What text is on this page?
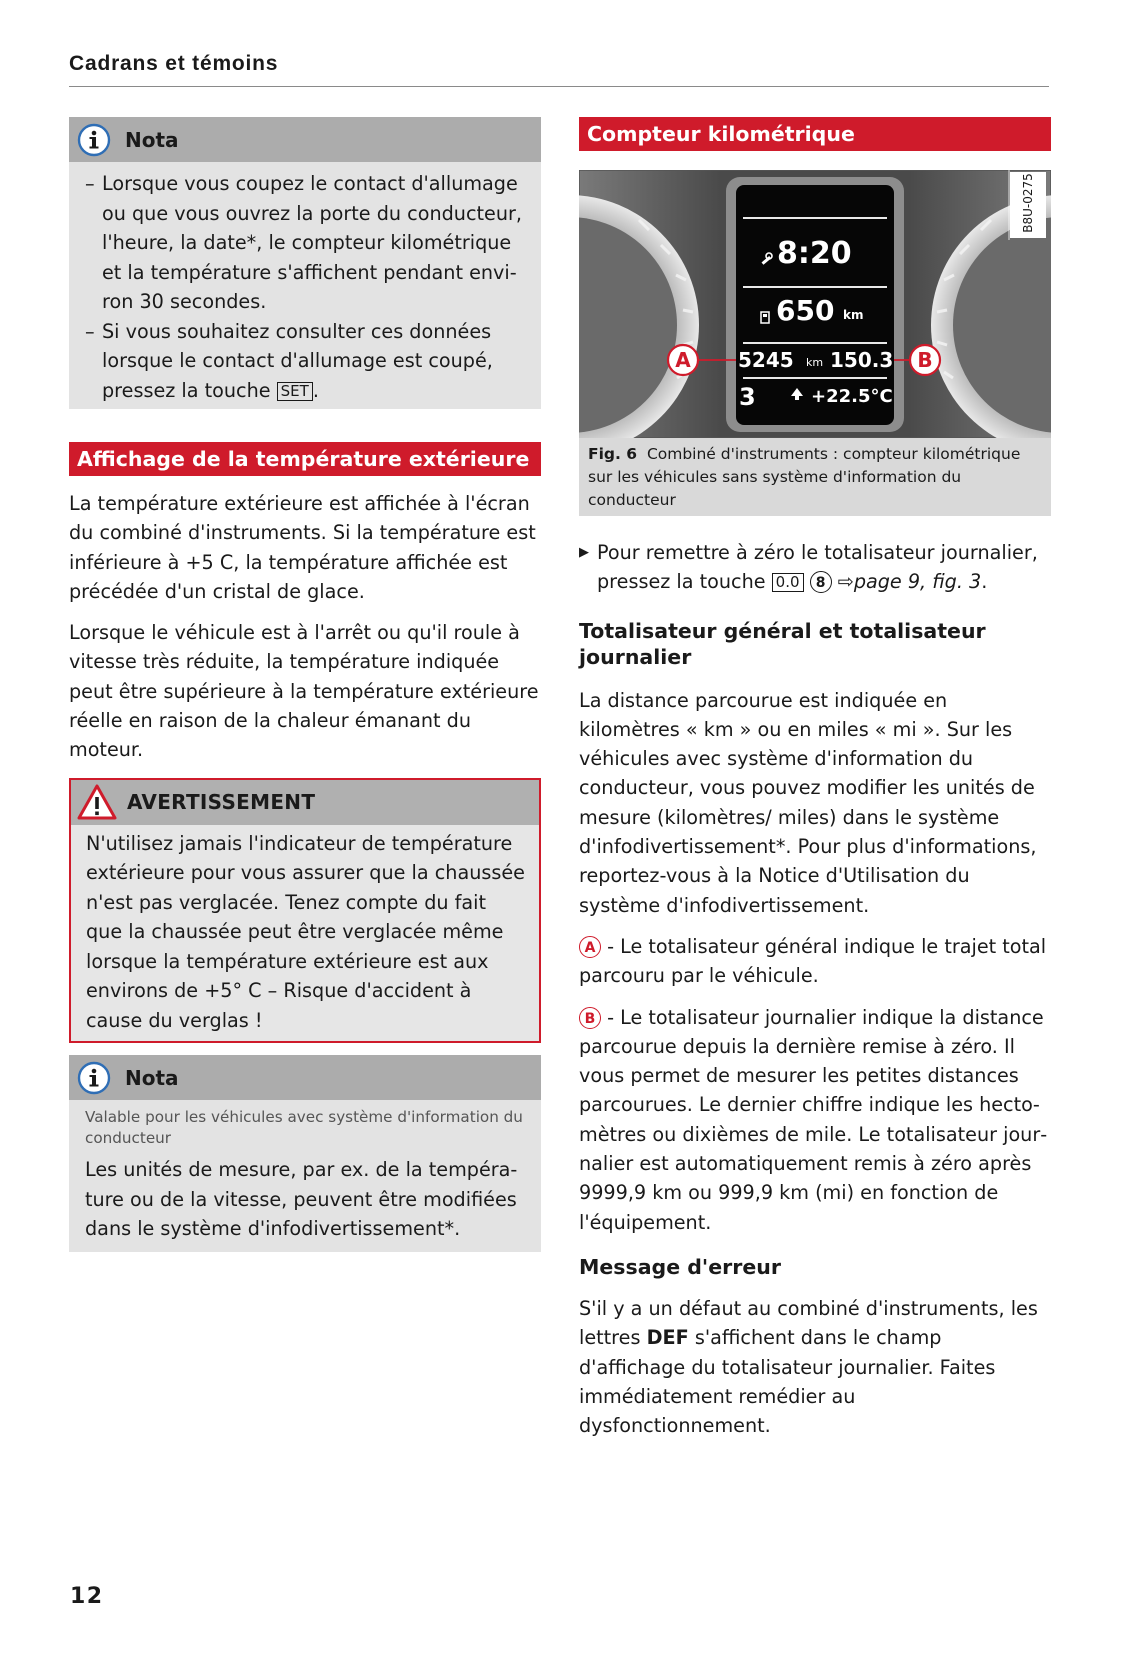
Cadrans et témoins
Nota
– Lorsque vous coupez le contact d'allumage ou que vous ouvrez la porte du conducteur, l'heure, la date*, le compteur kilométrique et la température s'affichent pendant environ 30 secondes.
– Si vous souhaitez consulter ces données lorsque le contact d'allumage est coupé, pressez la touche SET .
Affichage de la température extérieure

La température extérieure est affichée à l'écran du combiné d'instruments. Si la température est inférieure à +5 C, la température affichée est précédée d'un cristal de glace.

Lorsque le véhicule est à l'arrêt ou qu'il roule à vitesse très réduite, la température indiquée peut être supérieure à la température extérieure réelle en raison de la chaleur émanant du moteur.

AVERTISSEMENT
N'utilisez jamais l'indicateur de température extérieure pour vous assurer que la chaussée n'est pas verglacée. Tenez compte du fait que la chaussée peut être verglacée même lorsque la température extérieure est aux environs de +5° C – Risque d'accident à cause du verglas !
Nota
Valable pour les véhicules avec système d'information du conducteur
Les unités de mesure, par ex. de la température ou de la vitesse, peuvent être modifiées dans le système d'infodivertissement*.
Compteur kilométrique
8:20
650 km
5245 km 150.3
3	+22.5°C
A	B
B8U-0275
Fig. 6 Combiné d'instruments : compteur kilométrique sur les véhicules sans système d'information du conducteur

▶ Pour remettre à zéro le totalisateur journalier, pressez la touche 0.0 8 ⇨page 9, fig. 3.

Totalisateur général et totalisateur journalier

La distance parcourue est indiquée en kilomètres « km » ou en miles « mi ». Sur les véhicules avec système d'information du conducteur, vous pouvez modifier les unités de mesure (kilomètres/ miles) dans le système d'infodivertissement*. Pour plus d'informations, reportez-vous à la Notice d'Utilisation du système d'infodivertissement.

A - Le totalisateur général indique le trajet total parcouru par le véhicule.

B - Le totalisateur journalier indique la distance parcourue depuis la dernière remise à zéro. Il vous permet de mesurer les petites distances parcourues. Le dernier chiffre indique les hectomètres ou dixièmes de mile. Le totalisateur journalier est automatiquement remis à zéro après 9999,9 km ou 999,9 km (mi) en fonction de l'équipement.

Message d'erreur

S'il y a un défaut au combiné d'instruments, les lettres DEF s'affichent dans le champ d'affichage du totalisateur journalier. Faites immédiatement remédier au dysfonctionnement.

12
